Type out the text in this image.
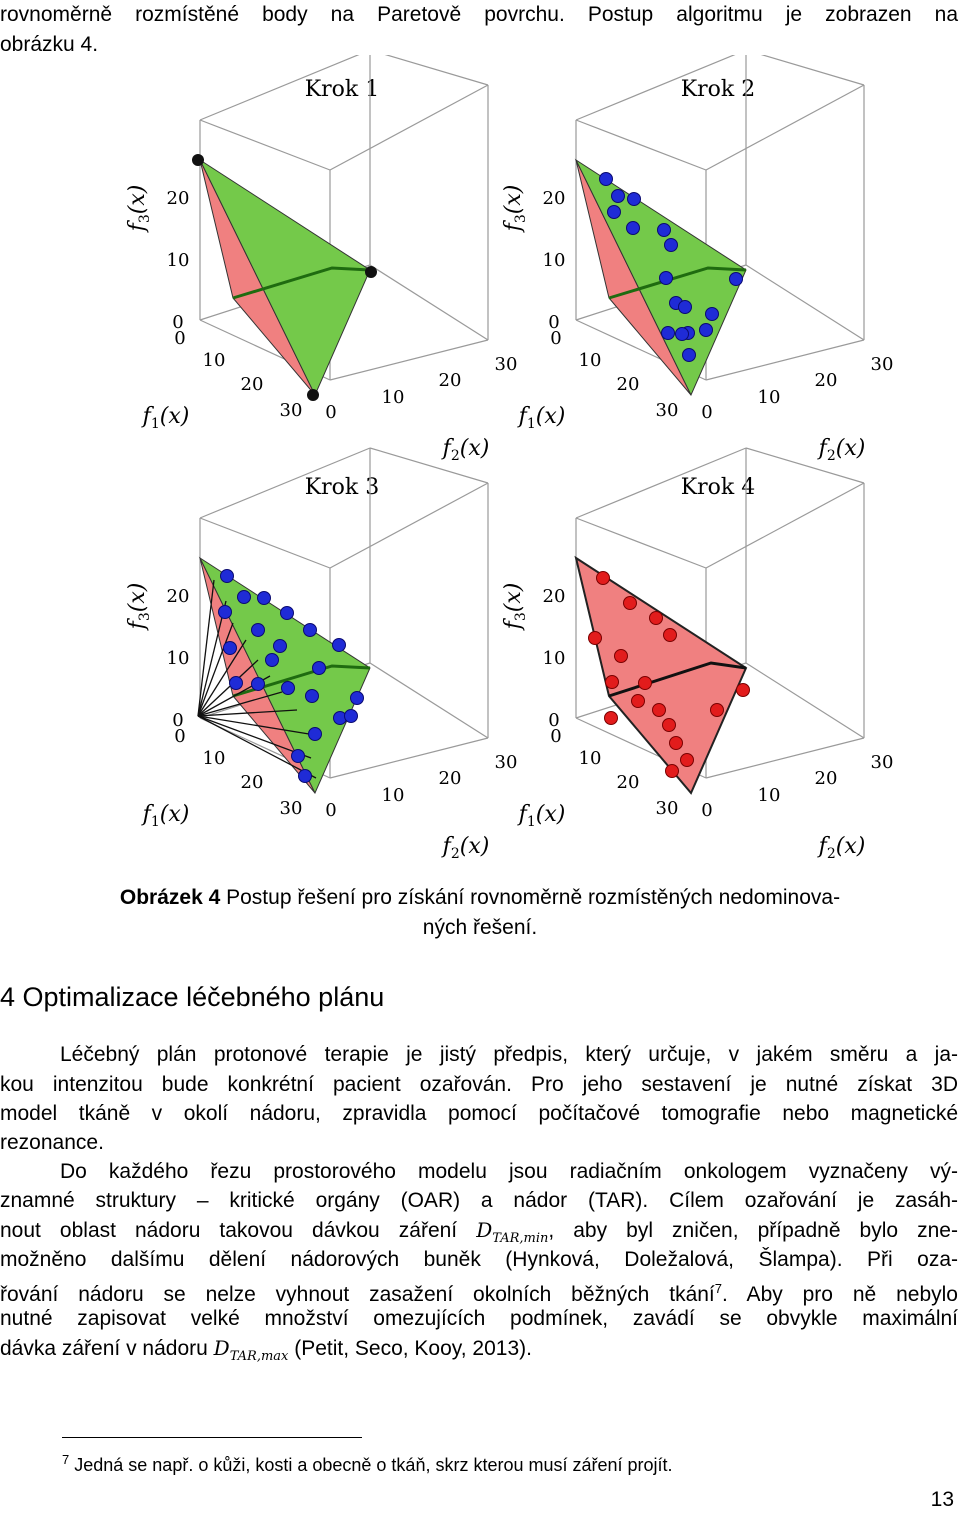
rovnoměrně rozmístěné body na Paretově povrchu. Postup algoritmu je zobrazen na

obrázku 4.

Krok 1
0
10
20
0
10
20
30 0
10
20
30
$f_3(x)$
$f_1(x)$
$f_2(x)$
Krok 2
0
10
20
0
10
20
30 0
10
20
30
$f_3(x)$
$f_1(x)$
$f_2(x)$
Krok 3
0
10
20
0
10
20
30 0
10
20
30
$f_3(x)$
$f_1(x)$
$f_2(x)$
Krok 4
0
10
20
0
10
20
30 0
10
20
30
$f_3(x)$
$f_1(x)$
$f_2(x)$
Obrázek 4 Postup řešení pro získání rovnoměrně rozmístěných nedominova-
ných řešení.
4 Optimalizace léčebného plánu

Léčebný plán protonové terapie je jistý předpis, který určuje, v jakém směru a ja-

kou intenzitou bude konkrétní pacient ozařován. Pro jeho sestavení je nutné získat 3D

model tkáně v okolí nádoru, zpravidla pomocí počítačové tomografie nebo magnetické

rezonance.

Do každého řezu prostorového modelu jsou radiačním onkologem vyznačeny vý-

znamné struktury – kritické orgány (OAR) a nádor (TAR). Cílem ozařování je zasáh-

nout oblast nádoru takovou dávkou záření $D_{TAR,min}$, aby byl zničen, případně bylo zne-

možněno dalšímu dělení nádorových buněk (Hynková, Doležalová, Šlampa). Při oza-

řování nádoru se nelze vyhnout zasažení okolních běžných tkání$^7$. Aby pro ně nebylo

nutné zapisovat velké množství omezujících podmínek, zavádí se obvykle maximální

dávka záření v nádoru $D_{TAR,max}$ (Petit, Seco, Kooy, 2013).

$^7$ Jedná se např. o kůži, kosti a obecně o tkáň, skrz kterou musí záření projít.
13
